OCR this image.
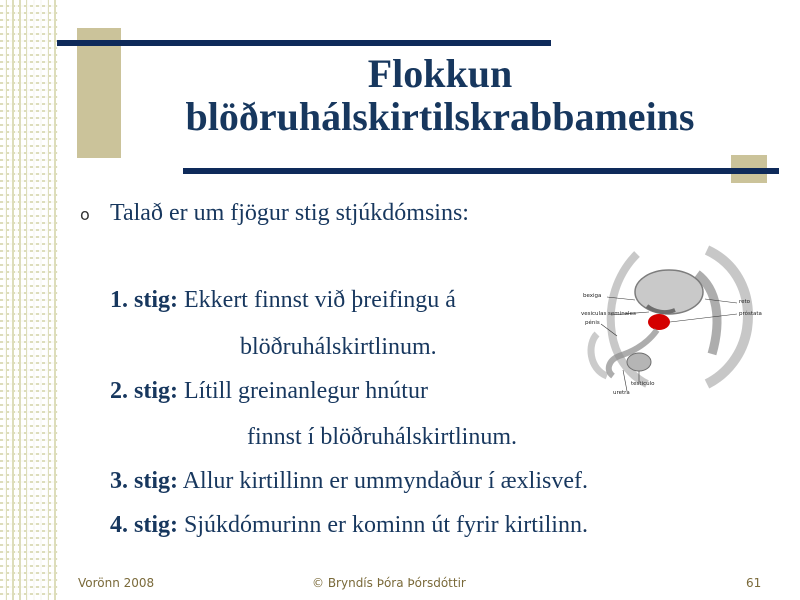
Flokkun
blöðruhálskirtilskrabbameins
o Talað er um fjögur stig stjúkdómsins:
1. stig: Ekkert finnst við þreifingu á
blöðruhálskirtlinum.
2. stig: Lítill greinanlegur hnútur
finnst í blöðruhálskirtlinum.
3. stig: Allur kirtillinn er ummyndaður í æxlisvef.
4. stig: Sjúkdómurinn er kominn út fyrir kirtilinn.
bexiga
vesiculas seminales
pénis
testiculo
uretra
reto
próstata
Vorönn 2008	© Bryndís Þóra Þórsdóttir	61
